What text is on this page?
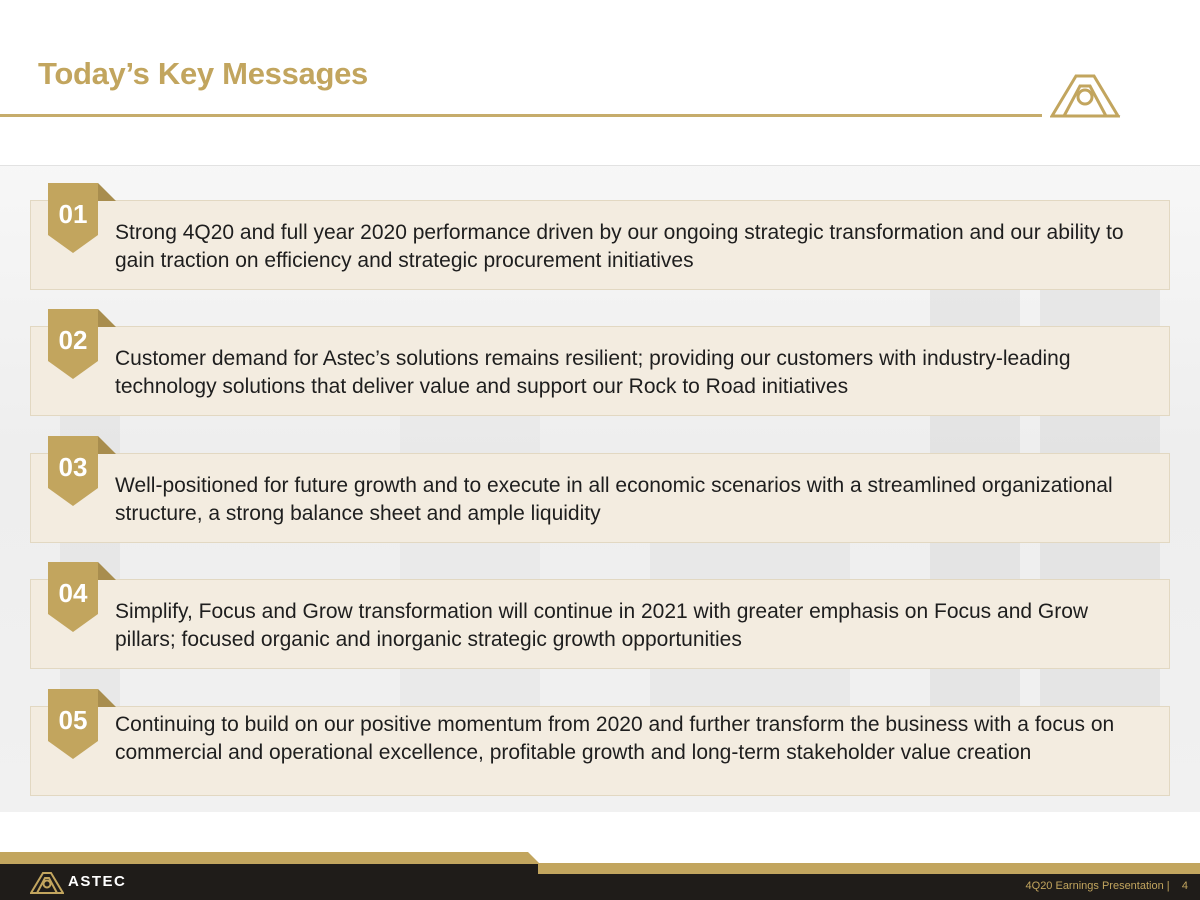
Today’s Key Messages
.
Strong 4Q20 and full year 2020 performance driven by our ongoing strategic transformation and our ability to gain traction on efficiency and strategic procurement initiatives
01
Customer demand for Astec’s solutions remains resilient; providing our customers with industry-leading technology solutions that deliver value and support our Rock to Road initiatives
02
Well-positioned for future growth and to execute in all economic scenarios with a streamlined organizational structure, a strong balance sheet and ample liquidity
03
Simplify, Focus and Grow transformation will continue in 2021 with greater emphasis on Focus and Grow pillars; focused organic and inorganic strategic growth opportunities
04
Continuing to build on our positive momentum from 2020 and further transform the business with a focus on commercial and operational excellence, profitable growth and long-term stakeholder value creation
05
ASTEC	4Q20 Earnings Presentation | 4
